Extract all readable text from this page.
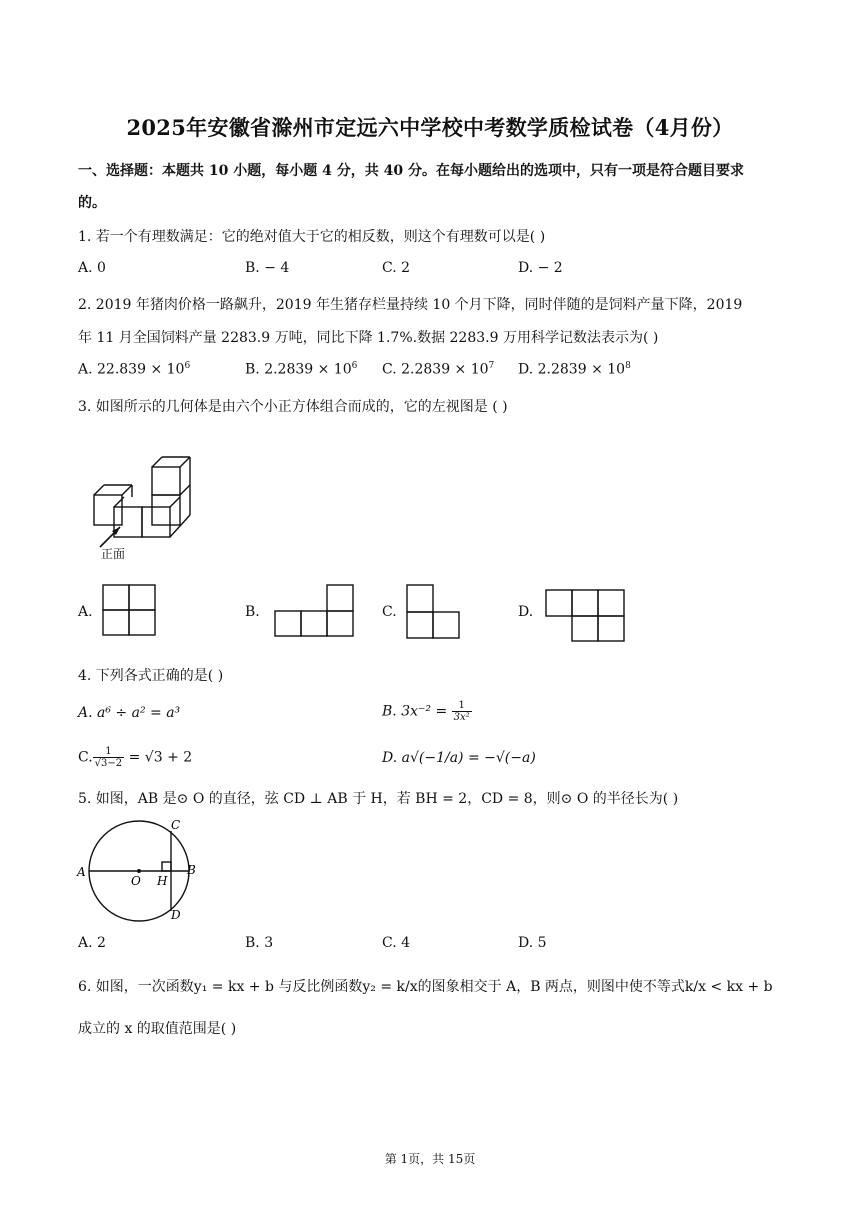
2025年安徽省滁州市定远六中学校中考数学质检试卷（4月份）
一、选择题：本题共 10 小题，每小题 4 分，共 40 分。在每小题给出的选项中，只有一项是符合题目要求
的。
1. 若一个有理数满足：它的绝对值大于它的相反数，则这个有理数可以是( )
A. 0	B. − 4	C. 2	D. − 2
2. 2019 年猪肉价格一路飙升，2019 年生猪存栏量持续 10 个月下降，同时伴随的是饲料产量下降，2019
年 11 月全国饲料产量 2283.9 万吨，同比下降 1.7%.数据 2283.9 万用科学记数法表示为( )
A. $22.839 \times 10^6$	B. $2.2839 \times 10^6$ C. $2.2839 \times 10^7$ D. $2.2839 \times 10^8$
3. 如图所示的几何体是由六个小正方体组合而成的，它的左视图是 ( )
正面
A.	B.	C.	D.
4. 下列各式正确的是( )
A. a⁶ ÷ a² = a³	B. $3x^{-2} = \frac{1}{\text{3x²}}$
C. $\frac{1}{√3-2} = √3 + 2$	D. a√(−1/a) = −√(−a)
5. 如图，AB 是⊙ O 的直径，弦 CD ⊥ AB 于 H，若 BH = 2，CD = 8，则⊙ O 的半径长为( )
A	B
C
D
O H
A. 2	B. 3	C. 4	D. 5
6. 如图，一次函数y₁ = kx + b 与反比例函数y₂ = k/x的图象相交于 A，B 两点，则图中使不等式k/x < kx + b
成立的 x 的取值范围是( )
第 1页，共 15页
